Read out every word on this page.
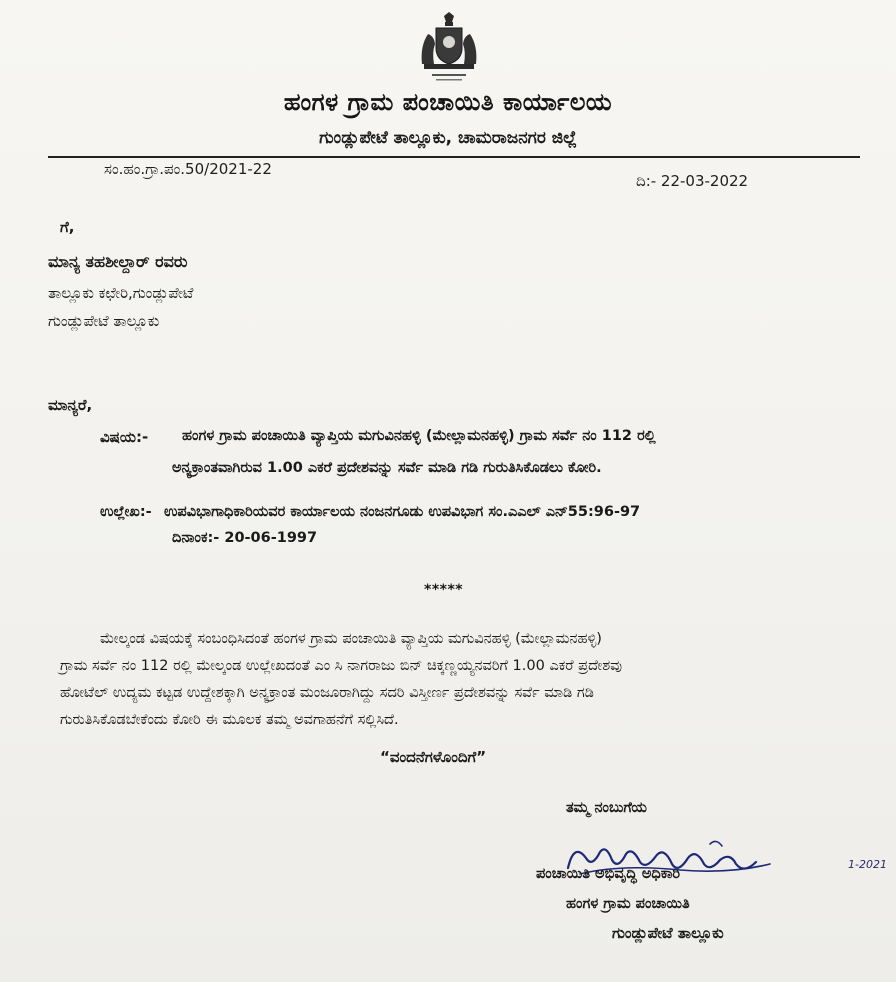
ಹಂಗಳ ಗ್ರಾಮ ಪಂಚಾಯಿತಿ ಕಾರ್ಯಾಲಯ
ಗುಂಡ್ಲುಪೇಟೆ ತಾಲ್ಲೂಕು, ಚಾಮರಾಜನಗರ ಜಿಲ್ಲೆ
ಸಂ.ಹಂ.ಗ್ರಾ.ಪಂ.50/2021-22
ದಿ:- 22-03-2022
ಗೆ,
ಮಾನ್ಯ ತಹಶೀಲ್ದಾರ್ ರವರು
ತಾಲ್ಲೂಕು ಕಛೇರಿ,ಗುಂಡ್ಲುಪೇಟೆ
ಗುಂಡ್ಲುಪೇಟೆ ತಾಲ್ಲೂಕು
ಮಾನ್ಯರೆ,
ವಿಷಯ:- ಹಂಗಳ ಗ್ರಾಮ ಪಂಚಾಯಿತಿ ವ್ಯಾಪ್ತಿಯ ಮಗುವಿನಹಳ್ಳಿ (ಮೇಲ್ಲಾಮನಹಳ್ಳಿ) ಗ್ರಾಮ ಸರ್ವೆ ನಂ 112 ರಲ್ಲಿ
ಅನ್ಯಕ್ರಾಂತವಾಗಿರುವ 1.00 ಎಕರೆ ಪ್ರದೇಶವನ್ನು ಸರ್ವೆ ಮಾಡಿ ಗಡಿ ಗುರುತಿಸಿಕೊಡಲು ಕೋರಿ.
ಉಲ್ಲೇಖ:- ಉಪವಿಭಾಗಾಧಿಕಾರಿಯವರ ಕಾರ್ಯಾಲಯ ನಂಜನಗೂಡು ಉಪವಿಭಾಗ ಸಂ.ಎಎಲ್ ಎನ್55:96-97
ದಿನಾಂಕ:- 20-06-1997
*****
ಮೇಲ್ಕಂಡ ವಿಷಯಕ್ಕೆ ಸಂಬಂಧಿಸಿದಂತೆ ಹಂಗಳ ಗ್ರಾಮ ಪಂಚಾಯಿತಿ ವ್ಯಾಪ್ತಿಯ ಮಗುವಿನಹಳ್ಳಿ (ಮೇಲ್ಲಾಮನಹಳ್ಳಿ)
ಗ್ರಾಮ ಸರ್ವೆ ನಂ 112 ರಲ್ಲಿ ಮೇಲ್ಕಂಡ ಉಲ್ಲೇಖದಂತೆ ಎಂ ಸಿ ನಾಗರಾಜು ಬಿನ್ ಚಿಕ್ಕಣ್ಣಯ್ಯನವರಿಗೆ 1.00 ಎಕರೆ ಪ್ರದೇಶವು
ಹೋಟೆಲ್ ಉದ್ಯಮ ಕಟ್ಟಡ ಉದ್ದೇಶಕ್ಕಾಗಿ ಅನ್ಯಕ್ರಾಂತ ಮಂಜೂರಾಗಿದ್ದು ಸದರಿ ವಿಸ್ತೀರ್ಣ ಪ್ರದೇಶವನ್ನು ಸರ್ವೆ ಮಾಡಿ ಗಡಿ
ಗುರುತಿಸಿಕೊಡಬೇಕೆಂದು ಕೋರಿ ಈ ಮೂಲಕ ತಮ್ಮ ಅವಗಾಹನೆಗೆ ಸಲ್ಲಿಸಿದೆ.
“ವಂದನೆಗಳೊಂದಿಗೆ”
ತಮ್ಮ ನಂಬುಗೆಯ
1-2021
ಪಂಚಾಯಿತಿ ಅಭಿವೃದ್ಧಿ ಅಧಿಕಾರಿ
ಹಂಗಳ ಗ್ರಾಮ ಪಂಚಾಯಿತಿ
ಗುಂಡ್ಲುಪೇಟೆ ತಾಲ್ಲೂಕು
